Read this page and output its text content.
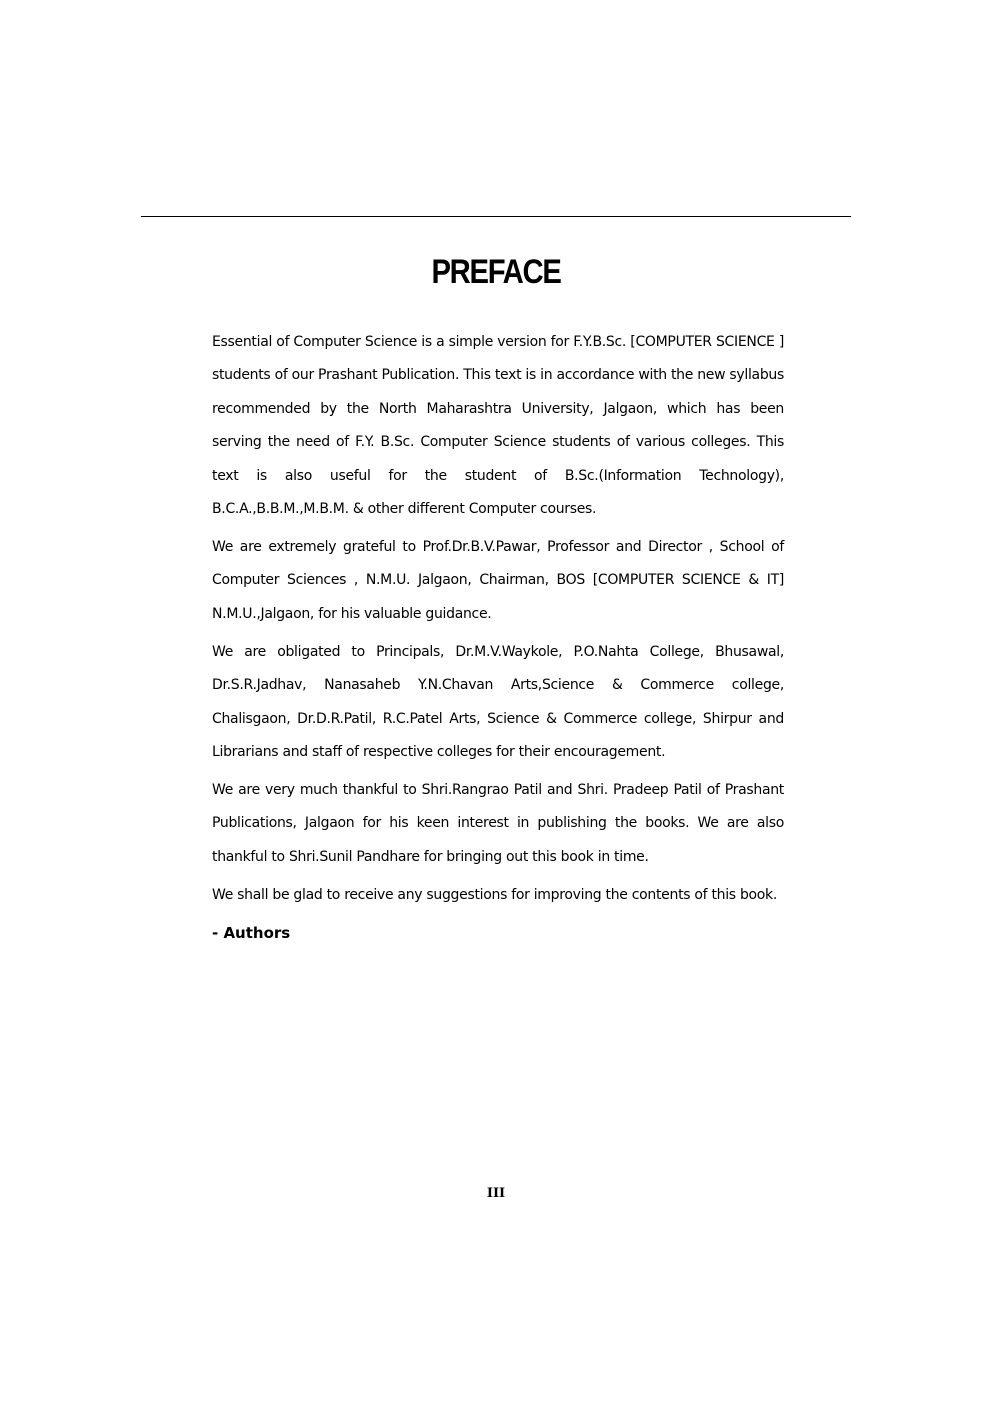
PREFACE

Essential of Computer Science is a simple version for F.Y.B.Sc. [COMPUTER SCIENCE ] students of our Prashant Publication. This text is in accordance with the new syllabus recommended by the North Maharashtra University, Jalgaon, which has been serving the need of F.Y. B.Sc. Computer Science students of various colleges. This text is also useful for the student of B.Sc.(Information Technology), B.C.A.,B.B.M.,M.B.M. & other different Computer courses.

We are extremely grateful to Prof.Dr.B.V.Pawar, Professor and Director , School of Computer Sciences , N.M.U. Jalgaon, Chairman, BOS [COMPUTER SCIENCE & IT] N.M.U.,Jalgaon, for his valuable guidance.

We are obligated to Principals, Dr.M.V.Waykole, P.O.Nahta College, Bhusawal, Dr.S.R.Jadhav, Nanasaheb Y.N.Chavan Arts,Science & Commerce college, Chalisgaon, Dr.D.R.Patil, R.C.Patel Arts, Science & Commerce college, Shirpur and Librarians and staff of respective colleges for their encouragement.

We are very much thankful to Shri.Rangrao Patil and Shri. Pradeep Patil of Prashant Publications, Jalgaon for his keen interest in publishing the books. We are also thankful to Shri.Sunil Pandhare for bringing out this book in time.

We shall be glad to receive any suggestions for improving the contents of this book.

- Authors

III
